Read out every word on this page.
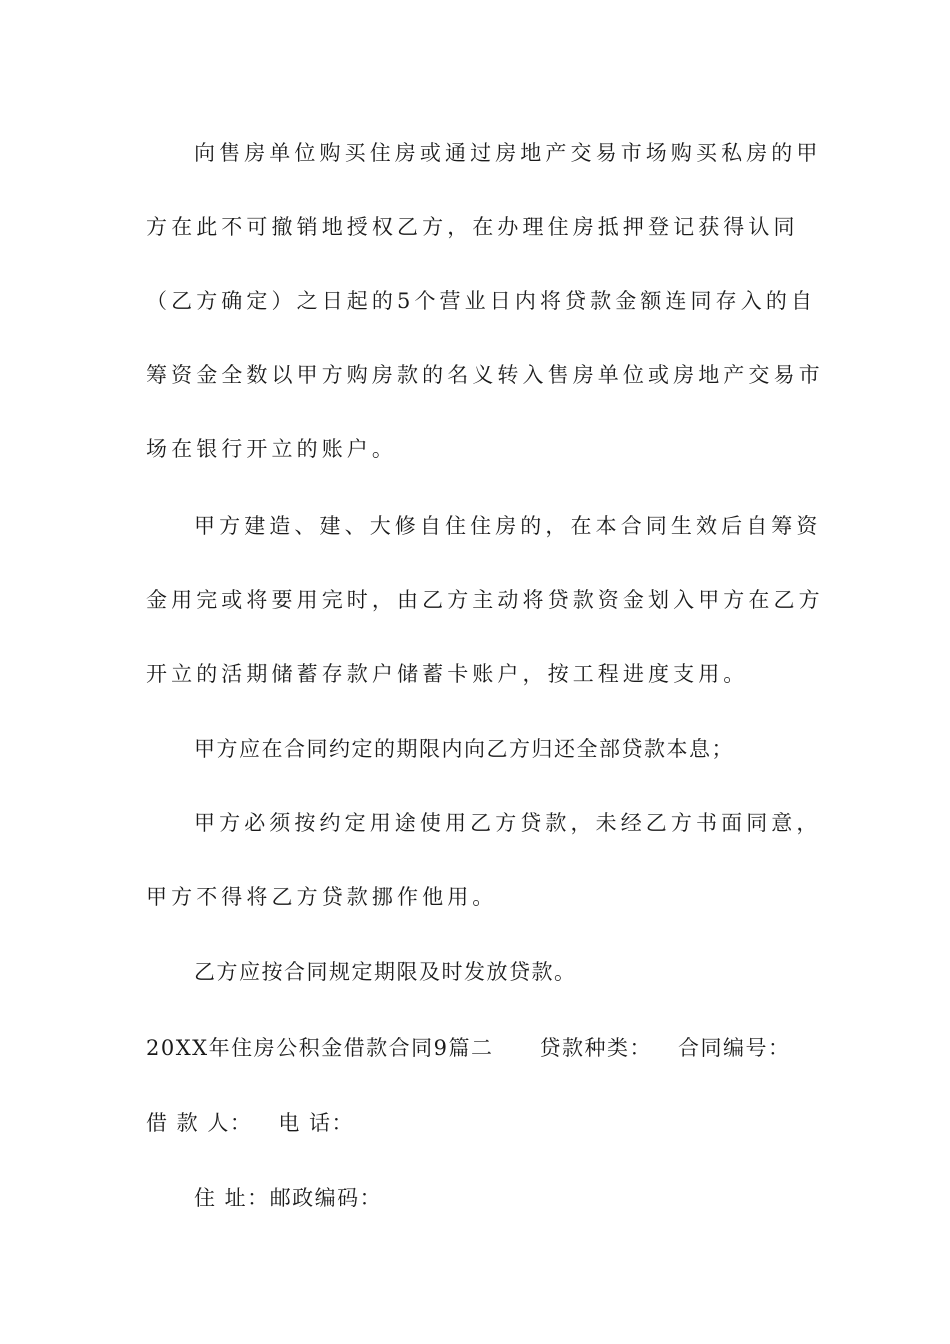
向售房单位购买住房或通过房地产交易市场购买私房的甲
方在此不可撤销地授权乙方，在办理住房抵押登记获得认同
（乙方确定）之日起的5个营业日内将贷款金额连同存入的自
筹资金全数以甲方购房款的名义转入售房单位或房地产交易市
场在银行开立的账户。
甲方建造、建、大修自住住房的，在本合同生效后自筹资
金用完或将要用完时，由乙方主动将贷款资金划入甲方在乙方
开立的活期储蓄存款户储蓄卡账户，按工程进度支用。
甲方应在合同约定的期限内向乙方归还全部贷款本息；
甲方必须按约定用途使用乙方贷款，未经乙方书面同意，
甲方不得将乙方贷款挪作他用。
乙方应按合同规定期限及时发放贷款。
20XX年住房公积金借款合同9篇二 贷款种类： 合同编号：
借 款 人： 电 话：
住 址：邮政编码：
